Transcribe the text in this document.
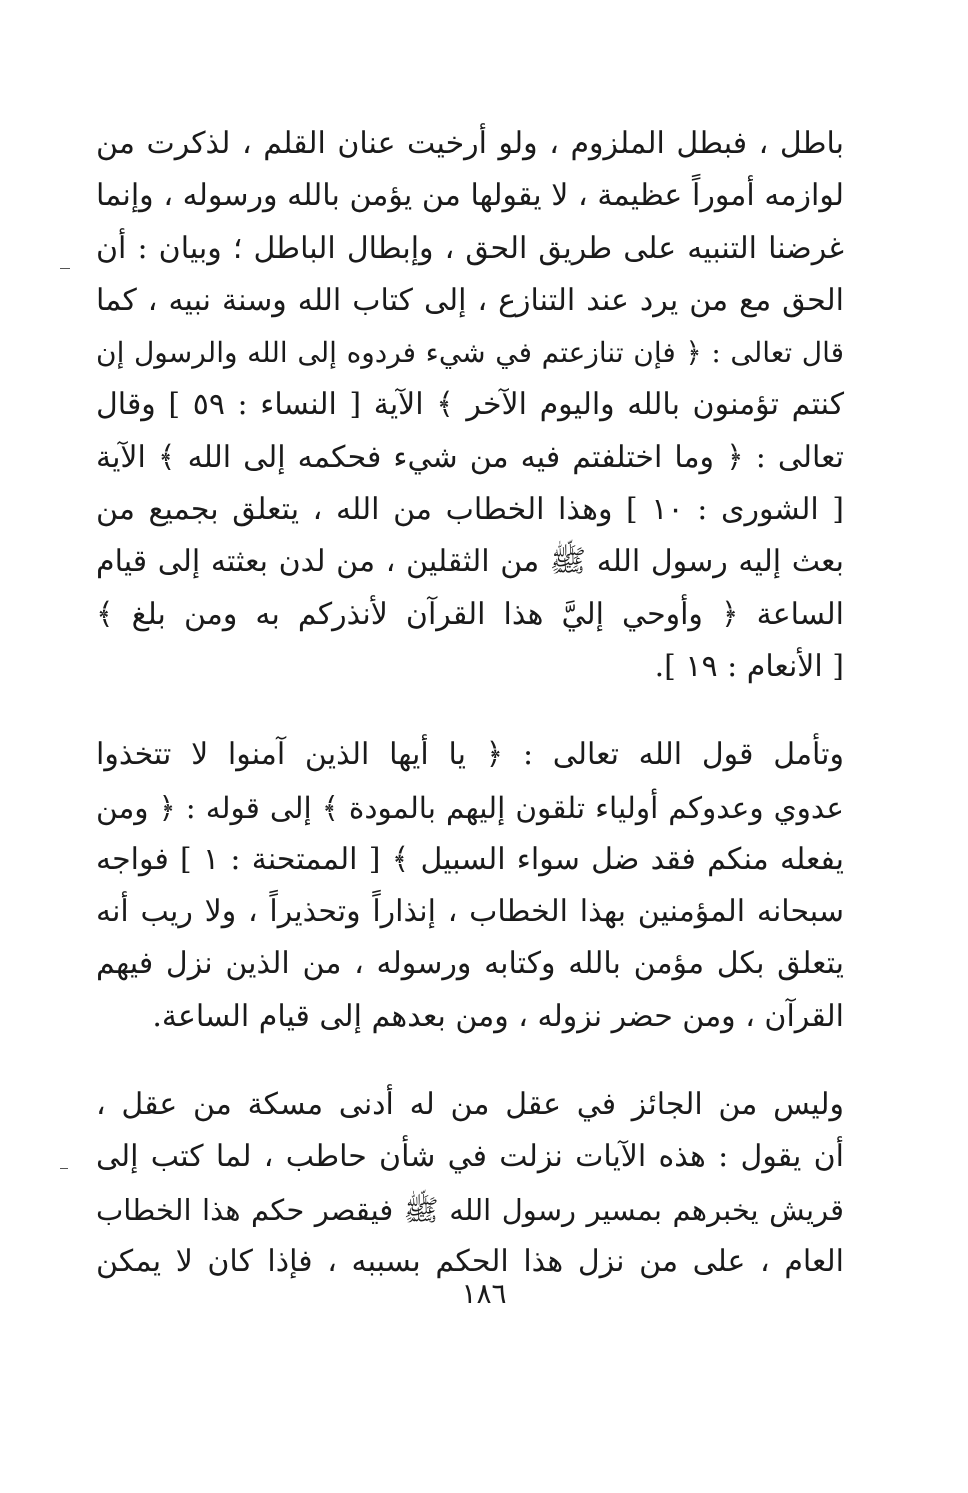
باطل ، فبطل الملزوم ، ولو أرخيت عنان القلم ، لذكرت من
لوازمه أموراً عظيمة ، لا يقولها من يؤمن بالله ورسوله ، وإنما
غرضنا التنبيه على طريق الحق ، وإبطال الباطل ؛ وبيان : أن
الحق مع من يرد عند التنازع ، إلى كتاب الله وسنة نبيه ، كما
قال تعالى : ﴿ فإن تنازعتم في شيء فردوه إلى الله والرسول إن
كنتم تؤمنون بالله واليوم الآخر ﴾ الآية [ النساء : ٥٩ ] وقال
تعالى : ﴿ وما اختلفتم فيه من شيء فحكمه إلى الله ﴾ الآية
[ الشورى : ١٠ ] وهذا الخطاب من الله ، يتعلق بجميع من
بعث إليه رسول الله ﷺ من الثقلين ، من لدن بعثته إلى قيام
الساعة ﴿ وأوحي إليَّ هذا القرآن لأنذركم به ومن بلغ ﴾
[ الأنعام : ١٩ ].
وتأمل قول الله تعالى : ﴿ يا أيها الذين آمنوا لا تتخذوا
عدوي وعدوكم أولياء تلقون إليهم بالمودة ﴾ إلى قوله : ﴿ ومن
يفعله منكم فقد ضل سواء السبيل ﴾ [ الممتحنة : ١ ] فواجه
سبحانه المؤمنين بهذا الخطاب ، إنذاراً وتحذيراً ، ولا ريب أنه
يتعلق بكل مؤمن بالله وكتابه ورسوله ، من الذين نزل فيهم
القرآن ، ومن حضر نزوله ، ومن بعدهم إلى قيام الساعة.
وليس من الجائز في عقل من له أدنى مسكة من عقل ،
أن يقول : هذه الآيات نزلت في شأن حاطب ، لما كتب إلى
قريش يخبرهم بمسير رسول الله ﷺ فيقصر حكم هذا الخطاب
العام ، على من نزل هذا الحكم بسببه ، فإذا كان لا يمكن
١٨٦
